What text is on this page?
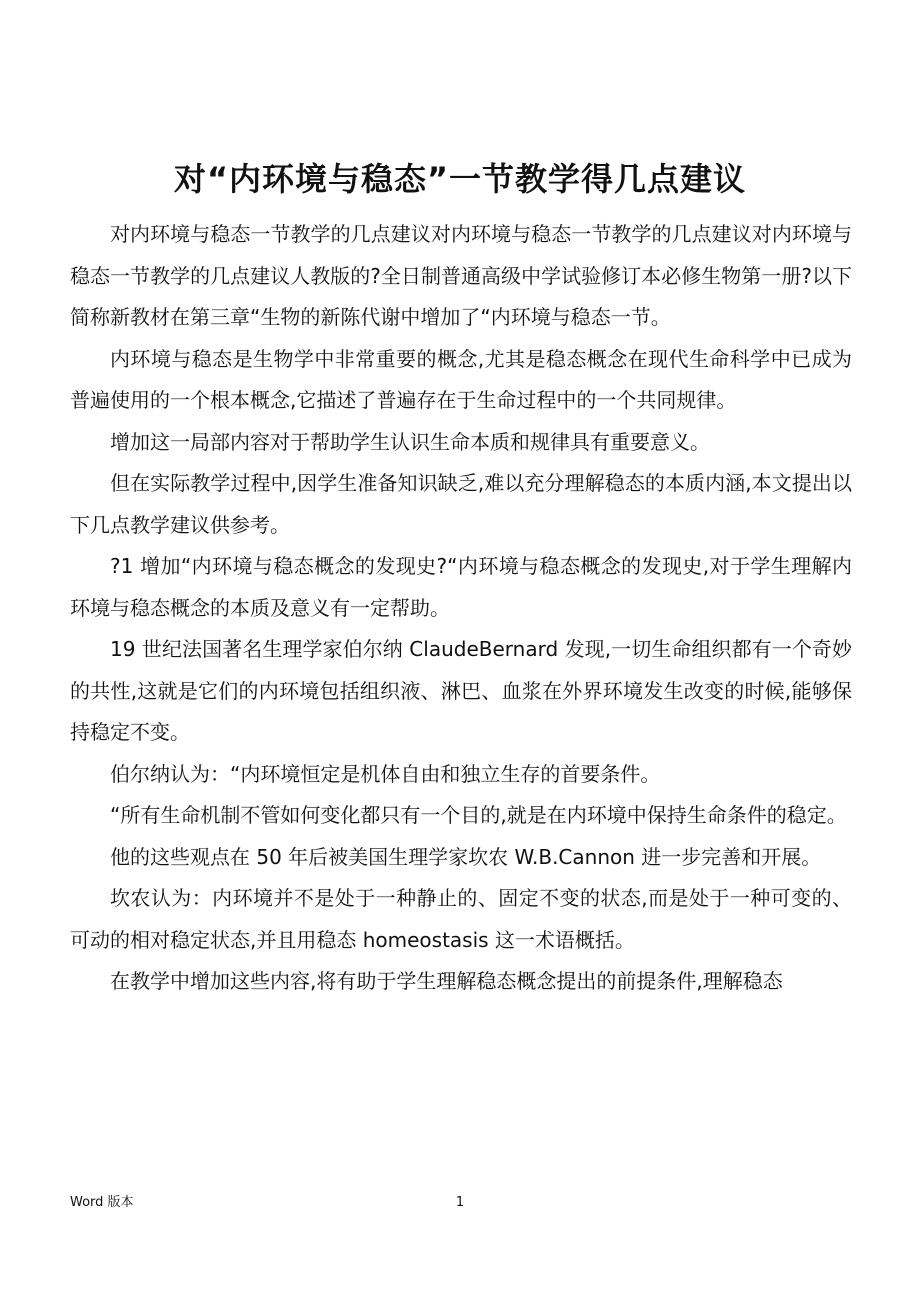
对“内环境与稳态”一节教学得几点建议

对内环境与稳态一节教学的几点建议对内环境与稳态一节教学的几点建议对内环境与稳态一节教学的几点建议人教版的?全日制普通高级中学试验修订本必修生物第一册?以下简称新教材在第三章“生物的新陈代谢中增加了“内环境与稳态一节。

内环境与稳态是生物学中非常重要的概念,尤其是稳态概念在现代生命科学中已成为普遍使用的一个根本概念,它描述了普遍存在于生命过程中的一个共同规律。

增加这一局部内容对于帮助学生认识生命本质和规律具有重要意义。

但在实际教学过程中,因学生准备知识缺乏,难以充分理解稳态的本质内涵,本文提出以下几点教学建议供参考。

?1 增加“内环境与稳态概念的发现史?“内环境与稳态概念的发现史,对于学生理解内环境与稳态概念的本质及意义有一定帮助。

19 世纪法国著名生理学家伯尔纳 ClaudeBernard 发现,一切生命组织都有一个奇妙的共性,这就是它们的内环境包括组织液、淋巴、血浆在外界环境发生改变的时候,能够保持稳定不变。

伯尔纳认为：“内环境恒定是机体自由和独立生存的首要条件。

“所有生命机制不管如何变化都只有一个目的,就是在内环境中保持生命条件的稳定。

他的这些观点在 50 年后被美国生理学家坎农 W.B.Cannon 进一步完善和开展。

坎农认为：内环境并不是处于一种静止的、固定不变的状态,而是处于一种可变的、可动的相对稳定状态,并且用稳态 homeostasis 这一术语概括。

在教学中增加这些内容,将有助于学生理解稳态概念提出的前提条件,理解稳态

Word 版本	1
